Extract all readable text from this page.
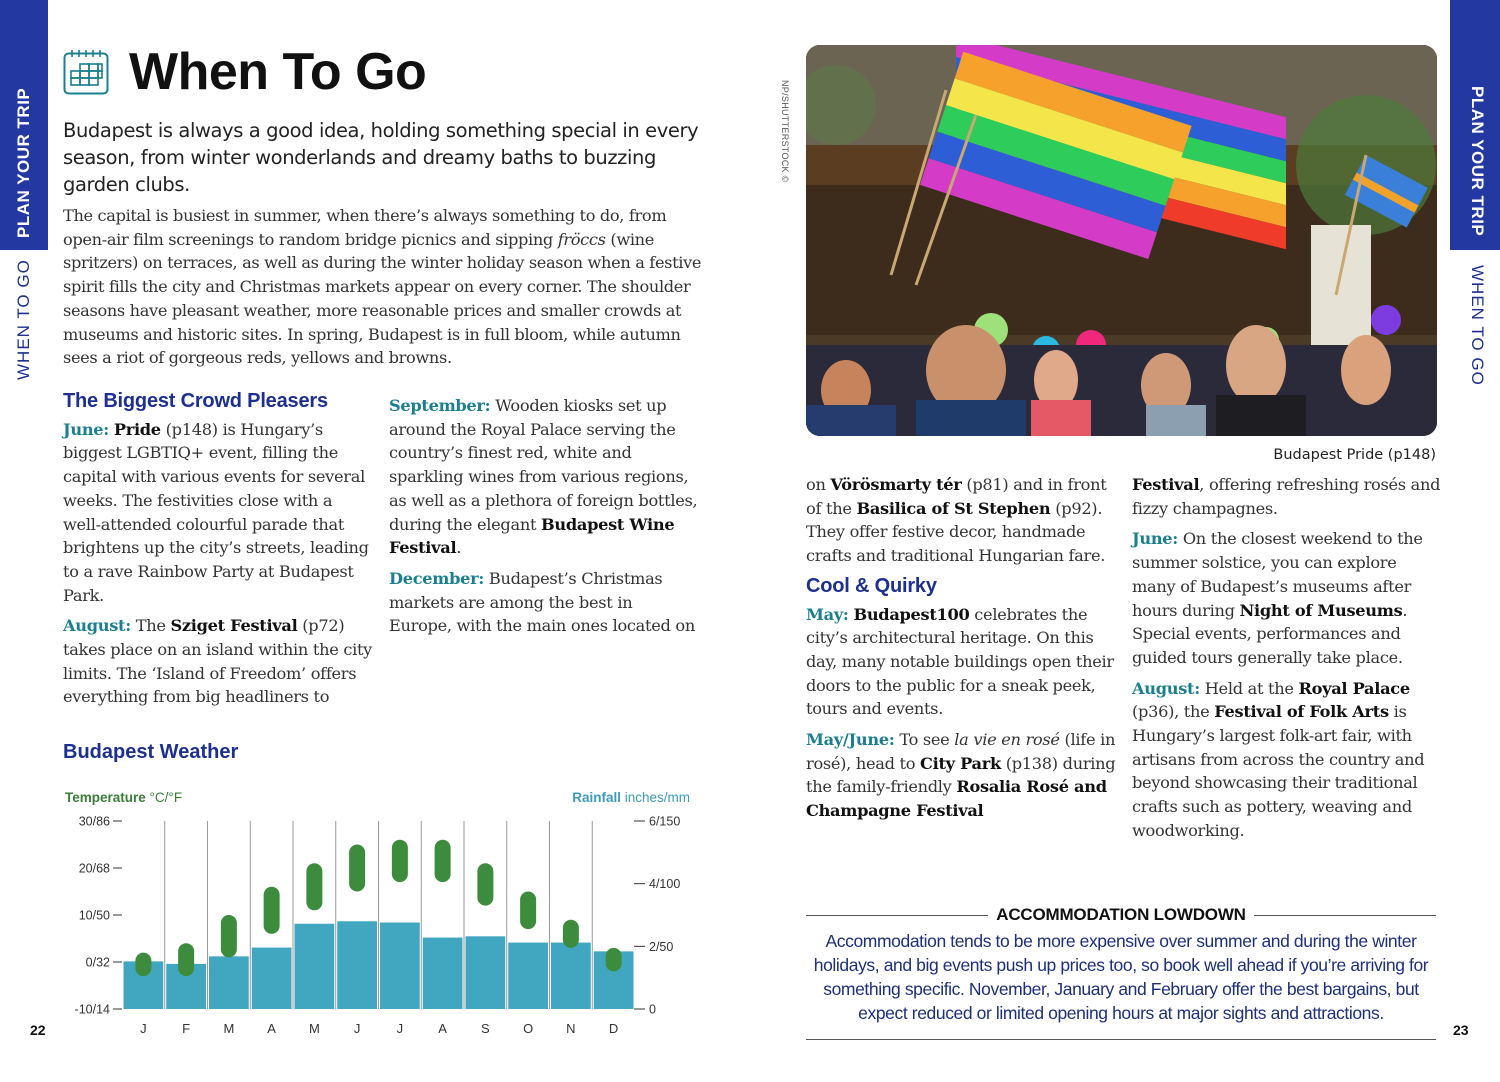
PLAN YOUR TRIP
WHEN TO GO
PLAN YOUR TRIP
WHEN TO GO
When To Go

Budapest is always a good idea, holding something special in every season, from winter wonderlands and dreamy baths to buzzing garden clubs.

The capital is busiest in summer, when there’s always something to do, from open-air film screenings to random bridge picnics and sipping fröccs (wine spritzers) on terraces, as well as during the winter holiday season when a festive spirit fills the city and Christmas markets appear on every corner. The shoulder seasons have pleasant weather, more reasonable prices and smaller crowds at museums and historic sites. In spring, Budapest is in full bloom, while autumn sees a riot of gorgeous reds, yellows and browns.

The Biggest Crowd Pleasers

June: Pride (p148) is Hungary’s biggest LGBTIQ+ event, filling the capital with various events for several weeks. The festivities close with a well-attended colourful parade that brightens up the city’s streets, leading to a rave Rainbow Party at Budapest Park.

August: The Sziget Festival (p72) takes place on an island within the city limits. The ‘Island of Freedom’ offers everything from big headliners to

September: Wooden kiosks set up around the Royal Palace serving the country’s finest red, white and sparkling wines from various regions, as well as a plethora of foreign bottles, during the elegant Budapest Wine Festival.

December: Budapest’s Christmas markets are among the best in Europe, with the main ones located on

Budapest Weather
Temperature °C/°F	Rainfall inches/mm
30/86
20/68
10/50
0/32
-10/14
6/150
4/100
2/50
0
J	F	M	A	M	J	J	A	S	O	N	D
NP/SHUTTERSTOCK ©
Budapest Pride (p148)

on Vörösmarty tér (p81) and in front of the Basilica of St Stephen (p92). They offer festive decor, handmade crafts and traditional Hungarian fare.

Cool & Quirky

May: Budapest100 celebrates the city’s architectural heritage. On this day, many notable buildings open their doors to the public for a sneak peek, tours and events.

May/June: To see la vie en rosé (life in rosé), head to City Park (p138) during the family-friendly Rosalia Rosé and Champagne Festival

Festival, offering refreshing rosés and fizzy champagnes.

June: On the closest weekend to the summer solstice, you can explore many of Budapest’s museums after hours during Night of Museums. Special events, performances and guided tours generally take place.

August: Held at the Royal Palace (p36), the Festival of Folk Arts is Hungary’s largest folk-art fair, with artisans from across the country and beyond showcasing their traditional crafts such as pottery, weaving and woodworking.

ACCOMMODATION LOWDOWN
Accommodation tends to be more expensive over summer and during the winter holidays, and big events push up prices too, so book well ahead if you’re arriving for something specific. November, January and February offer the best bargains, but expect reduced or limited opening hours at major sights and attractions.
22	23
